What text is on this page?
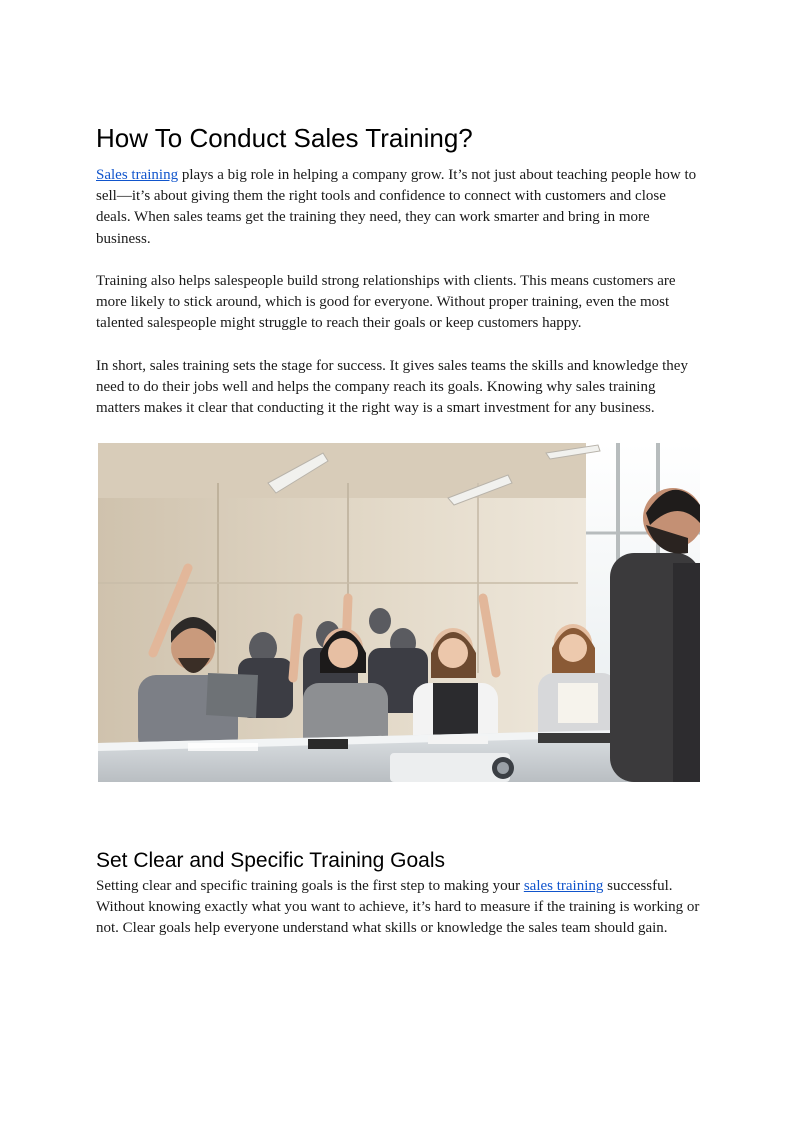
How To Conduct Sales Training?

Sales training plays a big role in helping a company grow. It’s not just about teaching people how to sell—it’s about giving them the right tools and confidence to connect with customers and close deals. When sales teams get the training they need, they can work smarter and bring in more business.

Training also helps salespeople build strong relationships with clients. This means customers are more likely to stick around, which is good for everyone. Without proper training, even the most talented salespeople might struggle to reach their goals or keep customers happy.

In short, sales training sets the stage for success. It gives sales teams the skills and knowledge they need to do their jobs well and helps the company reach its goals. Knowing why sales training matters makes it clear that conducting it the right way is a smart investment for any business.

Set Clear and Specific Training Goals

Setting clear and specific training goals is the first step to making your sales training successful. Without knowing exactly what you want to achieve, it’s hard to measure if the training is working or not. Clear goals help everyone understand what skills or knowledge the sales team should gain.
